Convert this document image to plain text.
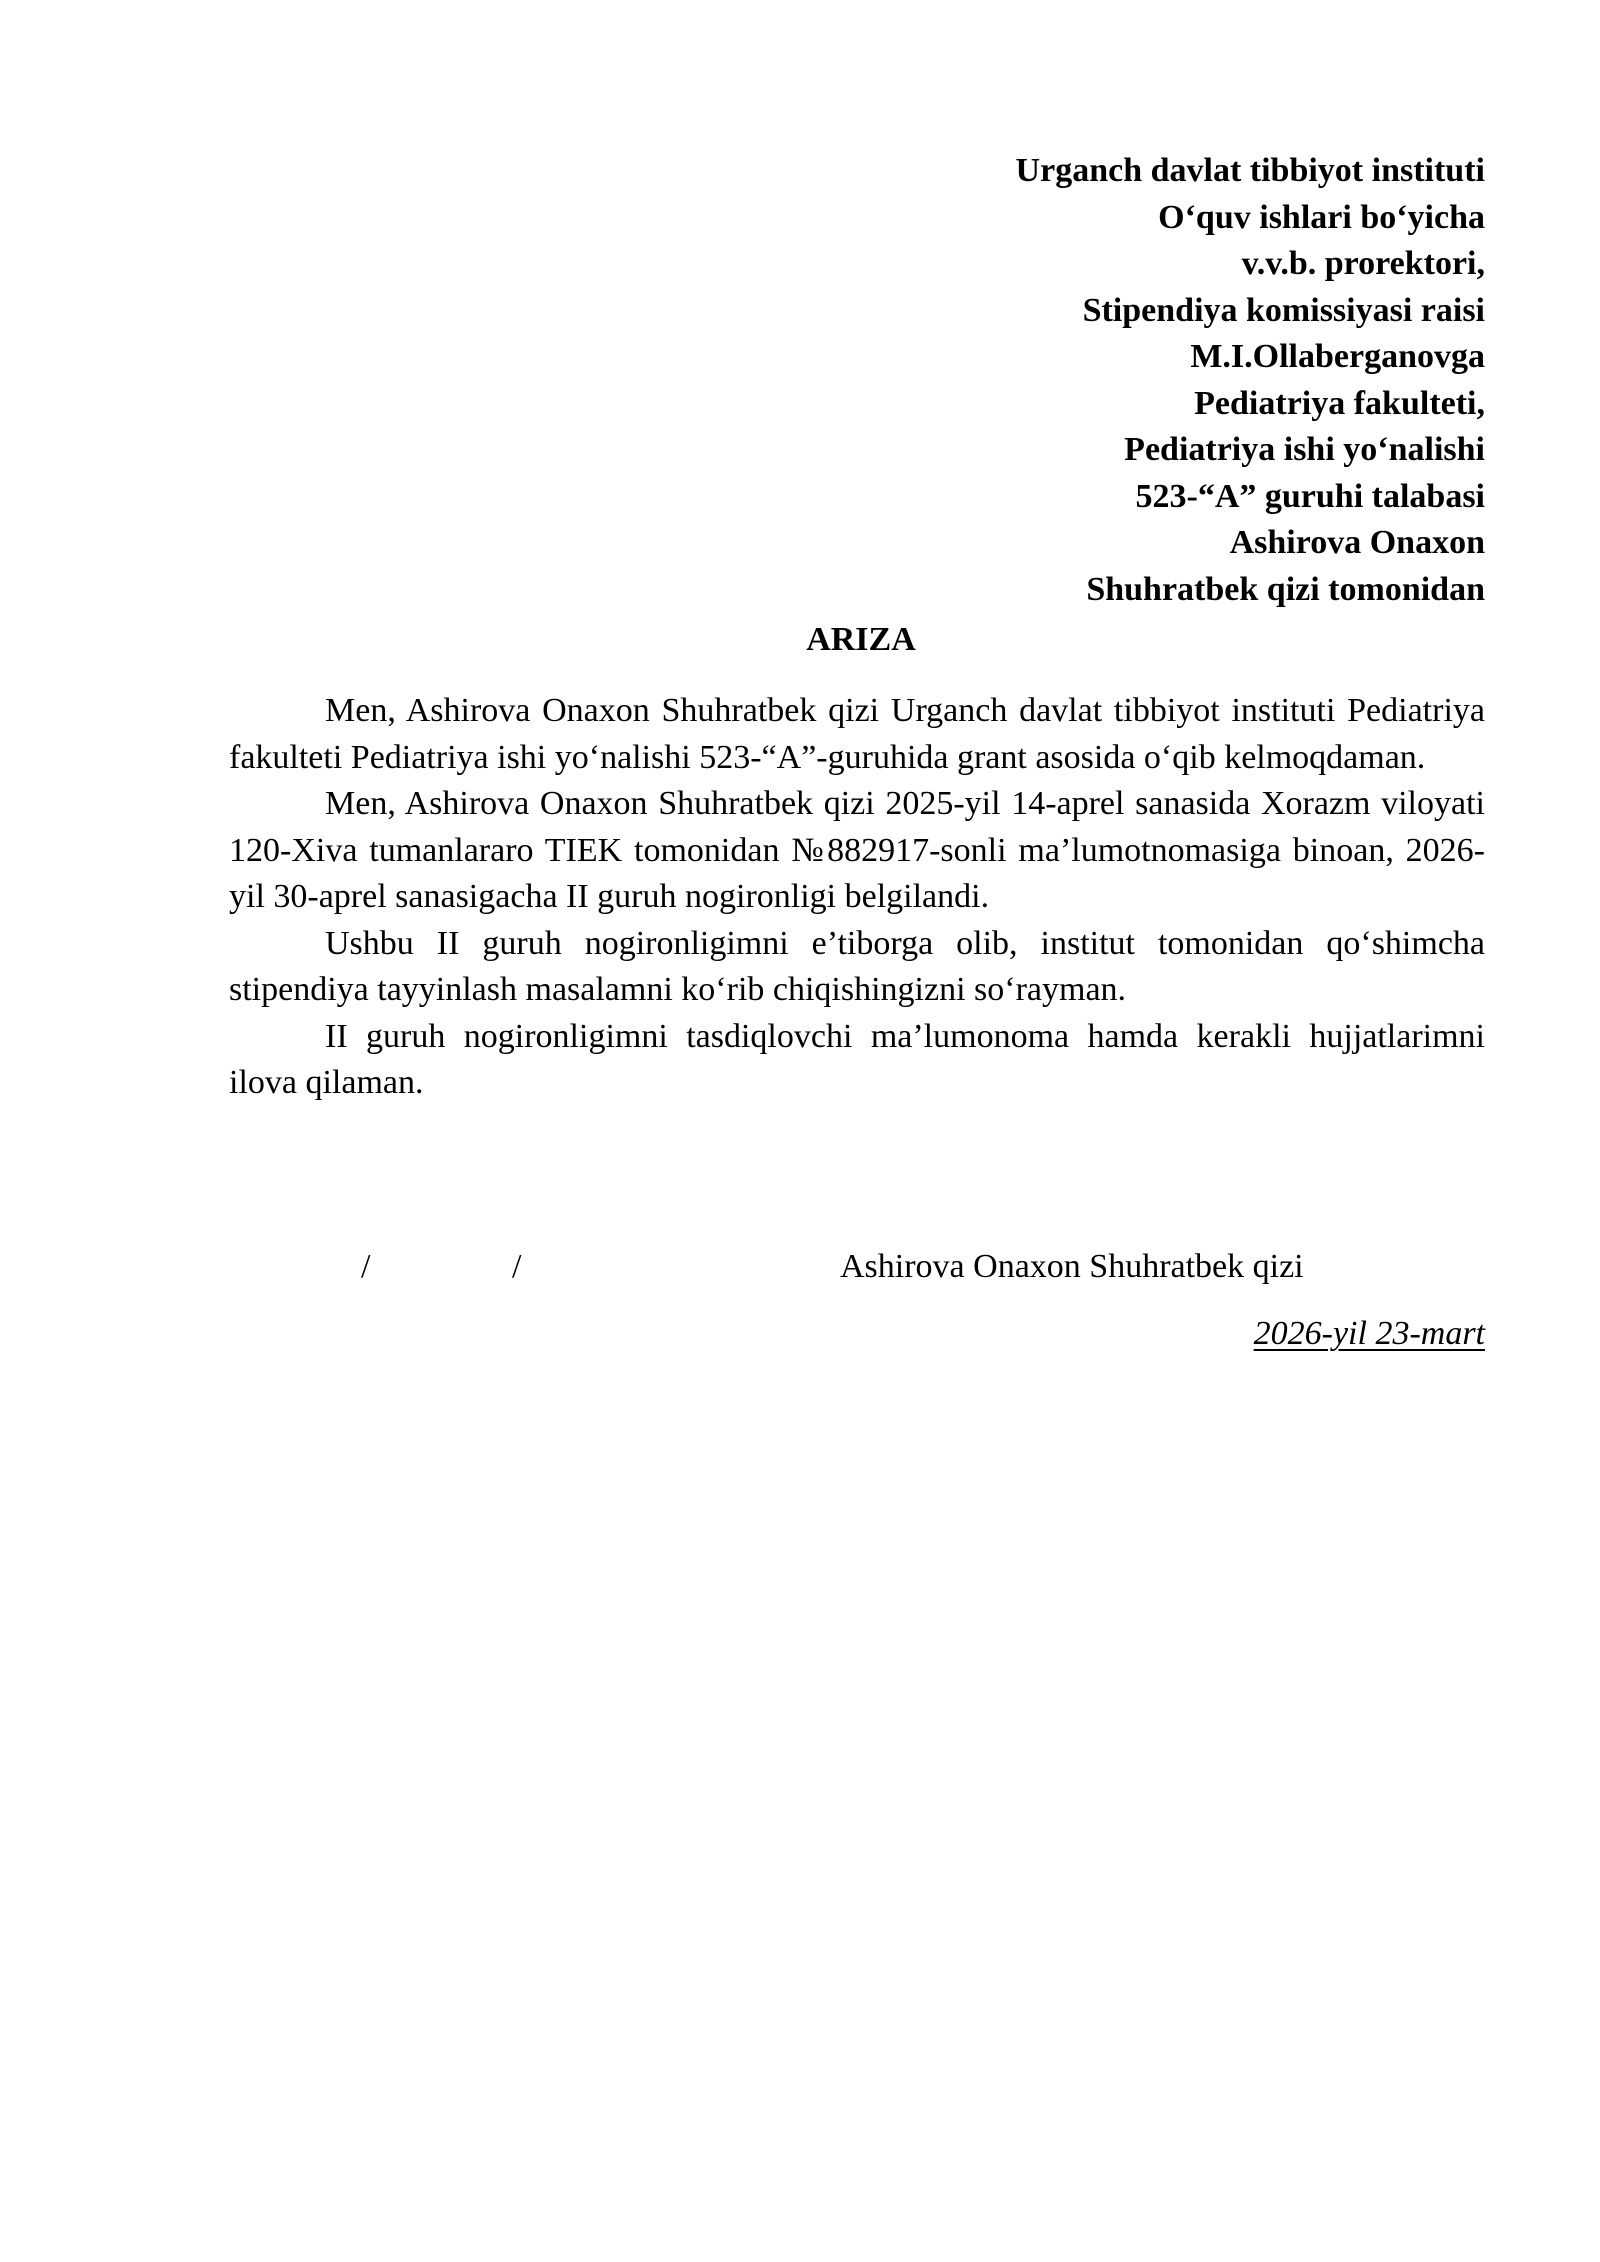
Urganch davlat tibbiyot instituti
O‘quv ishlari bo‘yicha
v.v.b. prorektori,
Stipendiya komissiyasi raisi
M.I.Ollaberganovga
Pediatriya fakulteti,
Pediatriya ishi yo‘nalishi
523-“A” guruhi talabasi
Ashirova Onaxon
Shuhratbek qizi tomonidan
ARIZA

Men, Ashirova Onaxon Shuhratbek qizi Urganch davlat tibbiyot instituti Pediatriya fakulteti Pediatriya ishi yo‘nalishi 523-“A”-guruhida grant asosida o‘qib kelmoqdaman.

Men, Ashirova Onaxon Shuhratbek qizi 2025-yil 14-aprel sanasida Xorazm viloyati 120-Xiva tumanlararo TIEK tomonidan №882917-sonli ma’lumotnomasiga binoan, 2026-yil 30-aprel sanasigacha II guruh nogironligi belgilandi.

Ushbu II guruh nogironligimni e’tiborga olib, institut tomonidan qo‘shimcha stipendiya tayyinlash masalamni ko‘rib chiqishingizni so‘rayman.

II guruh nogironligimni tasdiqlovchi ma’lumonoma hamda kerakli hujjatlarimni ilova qilaman.

/	/	Ashirova Onaxon Shuhratbek qizi
2026-yil 23-mart
